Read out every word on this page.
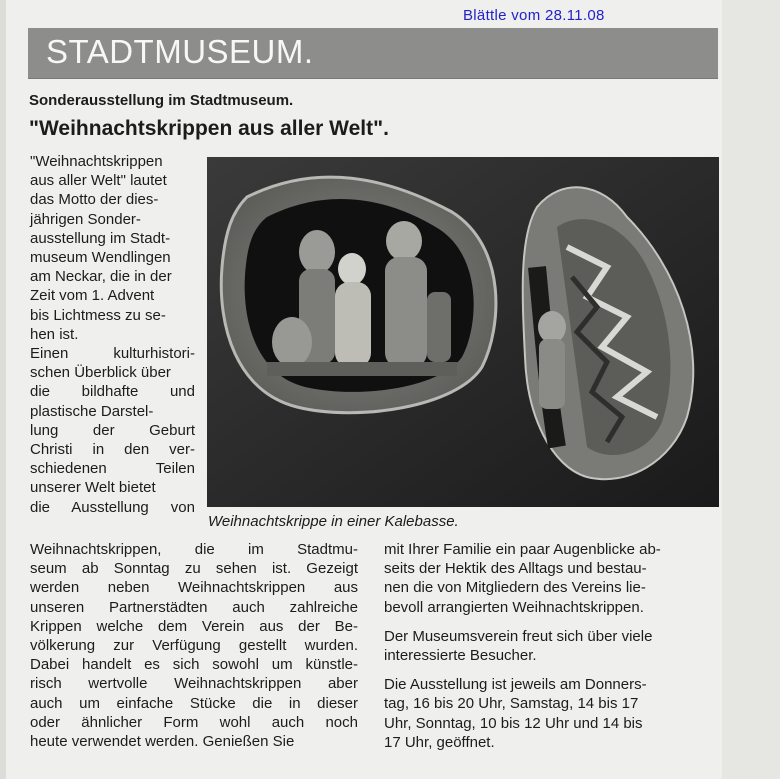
Blättle vom 28.11.08
STADTMUSEUM.
Sonderausstellung im Stadtmuseum.
"Weihnachtskrippen aus aller Welt".
"Weihnachtskrippen
aus aller Welt" lautet
das Motto der dies-
jährigen Sonder-
ausstellung im Stadt-
museum Wendlingen
am Neckar, die in der
Zeit vom 1. Advent
bis Lichtmess zu se-
hen ist.
Einen kulturhistori-
schen Überblick über
die bildhafte und
plastische Darstel-
lung der Geburt
Christi in den ver-
schiedenen Teilen
unserer Welt bietet
die Ausstellung von
Weihnachtskrippe in einer Kalebasse.
Weihnachtskrippen, die im Stadtmu-
seum ab Sonntag zu sehen ist. Gezeigt
werden neben Weihnachtskrippen aus
unseren Partnerstädten auch zahlreiche
Krippen welche dem Verein aus der Be-
völkerung zur Verfügung gestellt wurden.
Dabei handelt es sich sowohl um künstle-
risch wertvolle Weihnachtskrippen aber
auch um einfache Stücke die in dieser
oder ähnlicher Form wohl auch noch
heute verwendet werden. Genießen Sie

mit Ihrer Familie ein paar Augenblicke ab-
seits der Hektik des Alltags und bestau-
nen die von Mitgliedern des Vereins lie-
bevoll arrangierten Weihnachtskrippen.

Der Museumsverein freut sich über viele
interessierte Besucher.

Die Ausstellung ist jeweils am Donners-
tag, 16 bis 20 Uhr, Samstag, 14 bis 17
Uhr, Sonntag, 10 bis 12 Uhr und 14 bis
17 Uhr, geöffnet.
